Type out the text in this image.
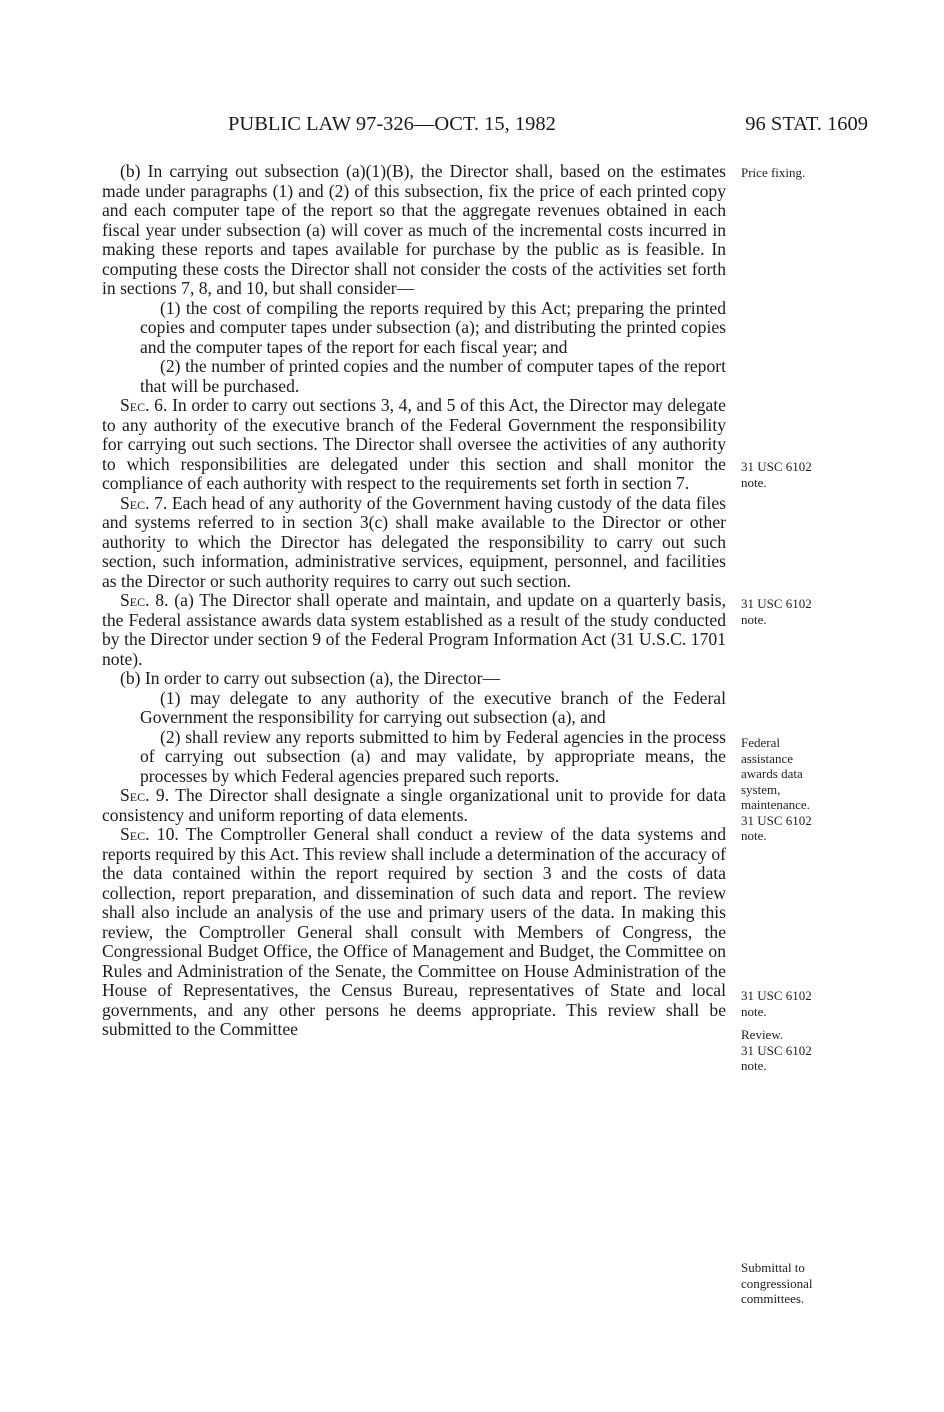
PUBLIC LAW 97-326—OCT. 15, 1982	96 STAT. 1609

(b) In carrying out subsection (a)(1)(B), the Director shall, based on the estimates made under paragraphs (1) and (2) of this subsection, fix the price of each printed copy and each computer tape of the report so that the aggregate revenues obtained in each fiscal year under subsection (a) will cover as much of the incremental costs incurred in making these reports and tapes available for purchase by the public as is feasible. In computing these costs the Director shall not consider the costs of the activities set forth in sections 7, 8, and 10, but shall consider—

(1) the cost of compiling the reports required by this Act; preparing the printed copies and computer tapes under subsection (a); and distributing the printed copies and the computer tapes of the report for each fiscal year; and

(2) the number of printed copies and the number of computer tapes of the report that will be purchased.

Sec. 6. In order to carry out sections 3, 4, and 5 of this Act, the Director may delegate to any authority of the executive branch of the Federal Government the responsibility for carrying out such sections. The Director shall oversee the activities of any authority to which responsibilities are delegated under this section and shall monitor the compliance of each authority with respect to the requirements set forth in section 7.

Sec. 7. Each head of any authority of the Government having custody of the data files and systems referred to in section 3(c) shall make available to the Director or other authority to which the Director has delegated the responsibility to carry out such section, such information, administrative services, equipment, personnel, and facilities as the Director or such authority requires to carry out such section.

Sec. 8. (a) The Director shall operate and maintain, and update on a quarterly basis, the Federal assistance awards data system established as a result of the study conducted by the Director under section 9 of the Federal Program Information Act (31 U.S.C. 1701 note).

(b) In order to carry out subsection (a), the Director—

(1) may delegate to any authority of the executive branch of the Federal Government the responsibility for carrying out subsection (a), and

(2) shall review any reports submitted to him by Federal agencies in the process of carrying out subsection (a) and may validate, by appropriate means, the processes by which Federal agencies prepared such reports.

Sec. 9. The Director shall designate a single organizational unit to provide for data consistency and uniform reporting of data elements.

Sec. 10. The Comptroller General shall conduct a review of the data systems and reports required by this Act. This review shall include a determination of the accuracy of the data contained within the report required by section 3 and the costs of data collection, report preparation, and dissemination of such data and report. The review shall also include an analysis of the use and primary users of the data. In making this review, the Comptroller General shall consult with Members of Congress, the Congressional Budget Office, the Office of Management and Budget, the Committee on Rules and Administration of the Senate, the Committee on House Administration of the House of Representatives, the Census Bureau, representatives of State and local governments, and any other persons he deems appropriate. This review shall be submitted to the Committee

Price fixing.
31 USC 6102
note.
31 USC 6102
note.
Federal
assistance
awards data
system,
maintenance.
31 USC 6102
note.
31 USC 6102
note.
Review.
31 USC 6102
note.
Submittal to
congressional
committees.
